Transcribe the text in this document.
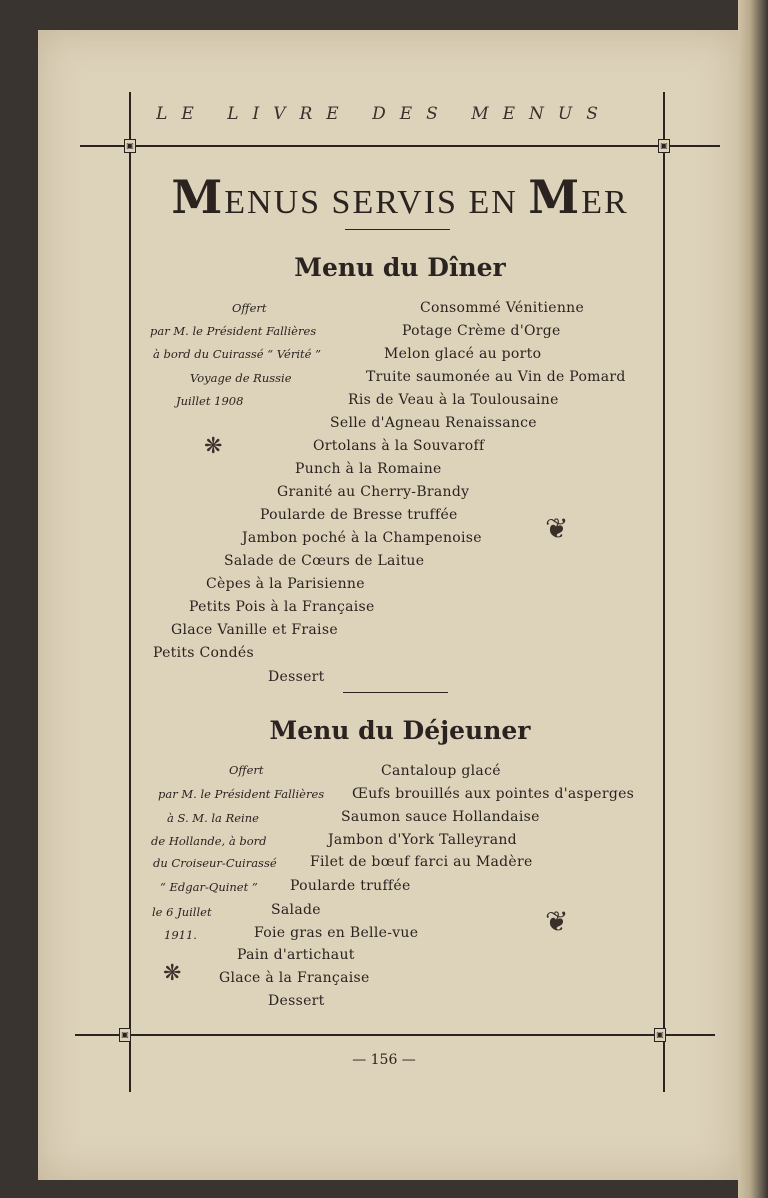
LE LIVRE DES MENUS
▣	▣
▣	▣
MENUS SERVIS EN MER
Menu du Dîner
Offert
par M. le Président Fallières
à bord du Cuirassé “ Vérité ”
Voyage de Russie
Juillet 1908
Consommé Vénitienne
Potage Crème d'Orge
Melon glacé au porto
Truite saumonée au Vin de Pomard
Ris de Veau à la Toulousaine
Selle d'Agneau Renaissance
Ortolans à la Souvaroff
Punch à la Romaine
Granité au Cherry-Brandy
Poularde de Bresse truffée
Jambon poché à la Champenoise
Salade de Cœurs de Laitue
Cèpes à la Parisienne
Petits Pois à la Française
Glace Vanille et Fraise
Petits Condés
Dessert
❋
❦
Menu du Déjeuner
Offert
par M. le Président Fallières
à S. M. la Reine
de Hollande, à bord
du Croiseur-Cuirassé
“ Edgar-Quinet ”
le 6 Juillet
1911.
Cantaloup glacé
Œufs brouillés aux pointes d'asperges
Saumon sauce Hollandaise
Jambon d'York Talleyrand
Filet de bœuf farci au Madère
Poularde truffée
Salade
Foie gras en Belle-vue
Pain d'artichaut
Glace à la Française
Dessert
❋
❦
— 156 —
